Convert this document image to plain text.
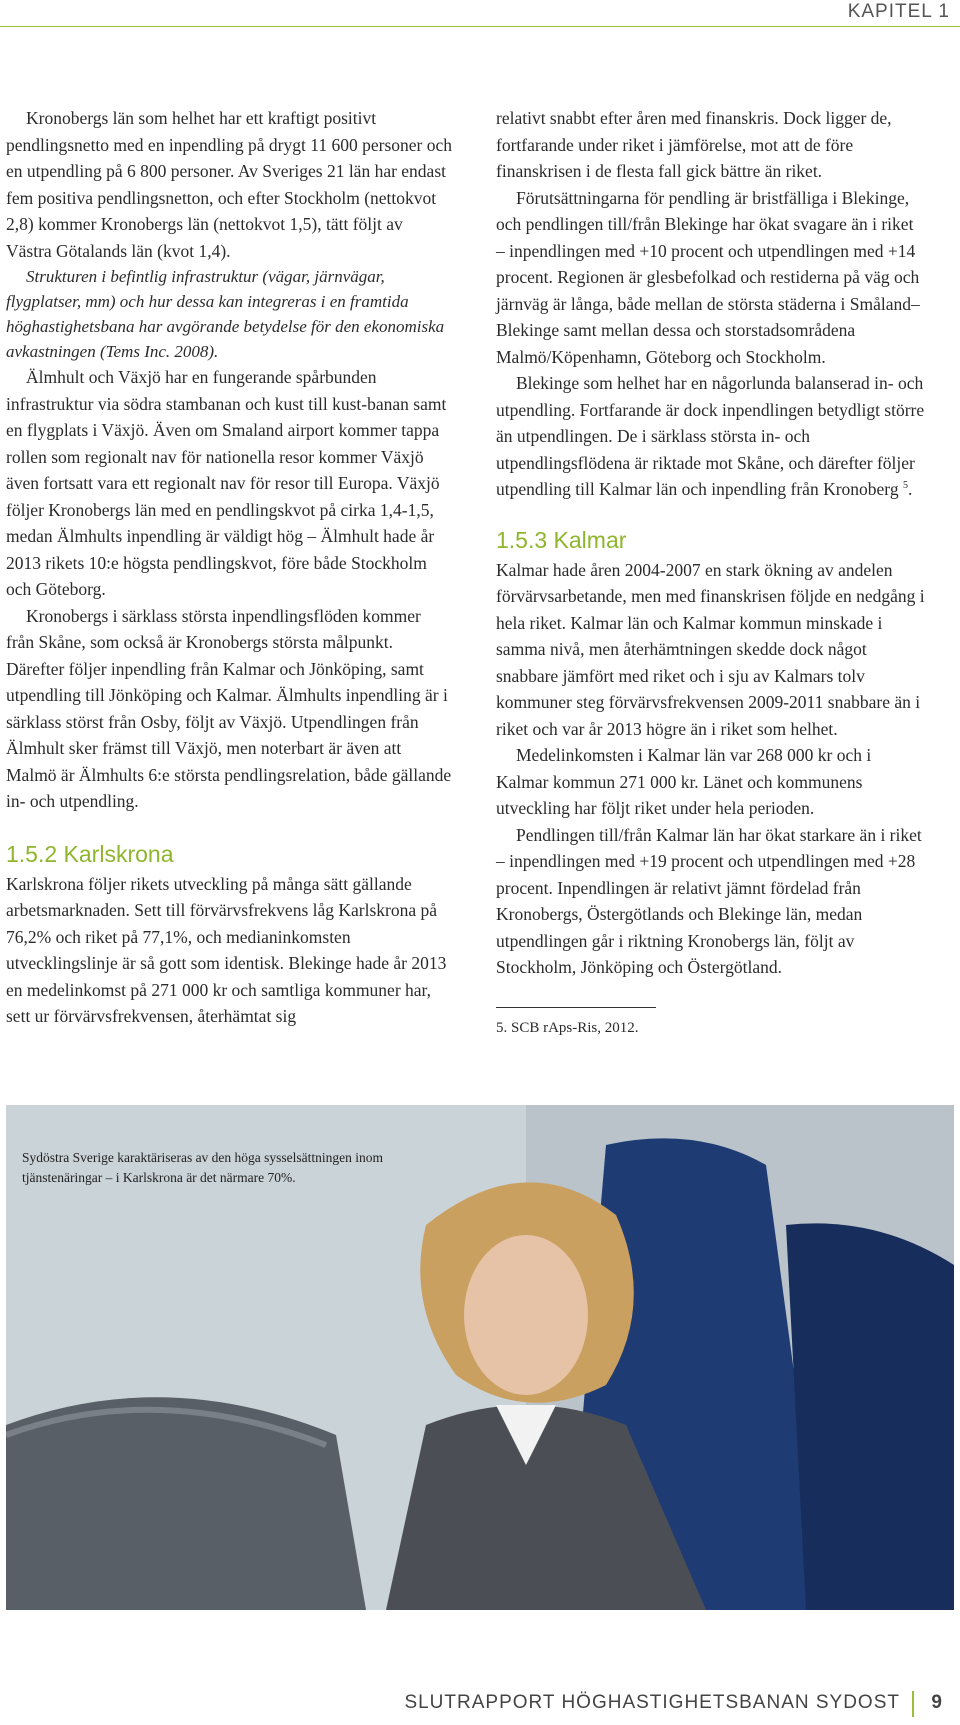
KAPITEL 1

Kronobergs län som helhet har ett kraftigt positivt pendlingsnetto med en inpendling på drygt 11 600 personer och en utpendling på 6 800 personer. Av Sveriges 21 län har endast fem positiva pendlingsnetton, och efter Stockholm (nettokvot 2,8) kommer Kronobergs län (nettokvot 1,5), tätt följt av Västra Götalands län (kvot 1,4).

Strukturen i befintlig infrastruktur (vägar, järnvägar, flygplatser, mm) och hur dessa kan integreras i en framtida höghastighetsbana har avgörande betydelse för den ekonomiska avkastningen (Tems Inc. 2008).

Älmhult och Växjö har en fungerande spårbunden infrastruktur via södra stambanan och kust till kust-banan samt en flygplats i Växjö. Även om Smaland airport kommer tappa rollen som regionalt nav för nationella resor kommer Växjö även fortsatt vara ett regionalt nav för resor till Europa. Växjö följer Kronobergs län med en pendlingskvot på cirka 1,4-1,5, medan Älmhults inpendling är väldigt hög – Älmhult hade år 2013 rikets 10:e högsta pendlingskvot, före både Stockholm och Göteborg.

Kronobergs i särklass största inpendlingsflöden kommer från Skåne, som också är Kronobergs största målpunkt. Därefter följer inpendling från Kalmar och Jönköping, samt utpendling till Jönköping och Kalmar. Älmhults inpendling är i särklass störst från Osby, följt av Växjö. Utpendlingen från Älmhult sker främst till Växjö, men noterbart är även att Malmö är Älmhults 6:e största pendlingsrelation, både gällande in- och utpendling.

1.5.2 Karlskrona

Karlskrona följer rikets utveckling på många sätt gällande arbetsmarknaden. Sett till förvärvsfrekvens låg Karlskrona på 76,2% och riket på 77,1%, och medianinkomsten utvecklingslinje är så gott som identisk. Blekinge hade år 2013 en medelinkomst på 271 000 kr och samtliga kommuner har, sett ur förvärvsfrekvensen, återhämtat sig

relativt snabbt efter åren med finanskris. Dock ligger de, fortfarande under riket i jämförelse, mot att de före finanskrisen i de flesta fall gick bättre än riket.

Förutsättningarna för pendling är bristfälliga i Blekinge, och pendlingen till/från Blekinge har ökat svagare än i riket – inpendlingen med +10 procent och utpendlingen med +14 procent. Regionen är glesbefolkad och restiderna på väg och järnväg är långa, både mellan de största städerna i Småland–Blekinge samt mellan dessa och storstadsområdena Malmö/Köpenhamn, Göteborg och Stockholm.

Blekinge som helhet har en någorlunda balanserad in- och utpendling. Fortfarande är dock inpendlingen betydligt större än utpendlingen. De i särklass största in- och utpendlingsflödena är riktade mot Skåne, och därefter följer utpendling till Kalmar län och inpendling från Kronoberg $^5$.

1.5.3 Kalmar

Kalmar hade åren 2004-2007 en stark ökning av andelen förvärvsarbetande, men med finanskrisen följde en nedgång i hela riket. Kalmar län och Kalmar kommun minskade i samma nivå, men återhämtningen skedde dock något snabbare jämfört med riket och i sju av Kalmars tolv kommuner steg förvärvsfrekvensen 2009-2011 snabbare än i riket och var år 2013 högre än i riket som helhet.

Medelinkomsten i Kalmar län var 268 000 kr och i Kalmar kommun 271 000 kr. Länet och kommunens utveckling har följt riket under hela perioden.

Pendlingen till/från Kalmar län har ökat starkare än i riket – inpendlingen med +19 procent och utpendlingen med +28 procent. Inpendlingen är relativt jämnt fördelad från Kronobergs, Östergötlands och Blekinge län, medan utpendlingen går i riktning Kronobergs län, följt av Stockholm, Jönköping och Östergötland.

5. SCB rAps-Ris, 2012.
Sydöstra Sverige karaktäriseras av den höga sysselsättningen inom tjänstenäringar – i Karlskrona är det närmare 70%.
SLUTRAPPORT HÖGHASTIGHETSBANAN SYDOST 9
